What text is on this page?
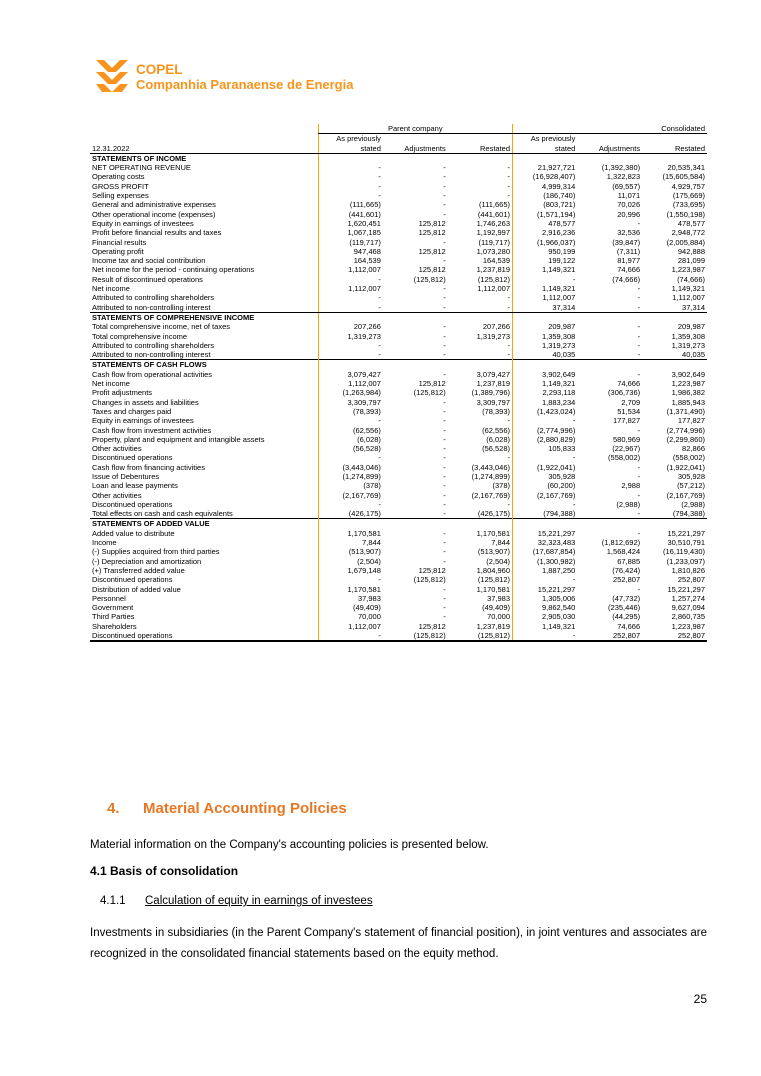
COPEL
Companhia Paranaense de Energia
	Parent company			Consolidated		
	As previously			As previously		
12.31.2022	stated	Adjustments	Restated	stated	Adjustments	Restated
STATEMENTS OF INCOME						
NET OPERATING REVENUE	-	-	-	21,927,721	(1,392,380)	20,535,341
Operating costs	-	-	-	(16,928,407)	1,322,823	(15,605,584)
GROSS PROFIT	-	-	-	4,999,314	(69,557)	4,929,757
Selling expenses	-	-	-	(186,740)	11,071	(175,669)
General and administrative expenses	(111,665)	-	(111,665)	(803,721)	70,026	(733,695)
Other operational income (expenses)	(441,601)	-	(441,601)	(1,571,194)	20,996	(1,550,198)
Equity in earnings of investees	1,620,451	125,812	1,746,263	478,577	-	478,577
Profit before financial results and taxes	1,067,185	125,812	1,192,997	2,916,236	32,536	2,948,772
Financial results	(119,717)	-	(119,717)	(1,966,037)	(39,847)	(2,005,884)
Operating profit	947,468	125,812	1,073,280	950,199	(7,311)	942,888
Income tax and social contribution	164,539	-	164,539	199,122	81,977	281,099
Net income for the period - continuing operations	1,112,007	125,812	1,237,819	1,149,321	74,666	1,223,987
Result of discontinued operations	-	(125,812)	(125,812)	-	(74,666)	(74,666)
Net income	1,112,007	-	1,112,007	1,149,321	-	1,149,321
Attributed to controlling shareholders	-	-	-	1,112,007	-	1,112,007
Attributed to non-controlling interest	-	-	-	37,314	-	37,314
STATEMENTS OF COMPREHENSIVE INCOME						
Total comprehensive income, net of taxes	207,266	-	207,266	209,987	-	209,987
Total comprehensive income	1,319,273	-	1,319,273	1,359,308	-	1,359,308
Attributed to controlling shareholders	-	-	-	1,319,273	-	1,319,273
Attributed to non-controlling interest	-	-	-	40,035	-	40,035
STATEMENTS OF CASH FLOWS						
Cash flow from operational activities	3,079,427	-	3,079,427	3,902,649	-	3,902,649
Net income	1,112,007	125,812	1,237,819	1,149,321	74,666	1,223,987
Profit adjustments	(1,263,984)	(125,812)	(1,389,796)	2,293,118	(306,736)	1,986,382
Changes in assets and liabilities	3,309,797	-	3,309,797	1,883,234	2,709	1,885,943
Taxes and charges paid	(78,393)	-	(78,393)	(1,423,024)	51,534	(1,371,490)
Equity in earnings of investees	-	-	-	-	177,827	177,827
Cash flow from investment activities	(62,556)	-	(62,556)	(2,774,996)	-	(2,774,996)
Property, plant and equipment and intangible assets	(6,028)	-	(6,028)	(2,880,829)	580,969	(2,299,860)
Other activities	(56,528)	-	(56,528)	105,833	(22,967)	82,866
Discontinued operations	-	-	-	-	(558,002)	(558,002)
Cash flow from financing activities	(3,443,046)	-	(3,443,046)	(1,922,041)	-	(1,922,041)
Issue of Debentures	(1,274,899)	-	(1,274,899)	305,928	-	305,928
Loan and lease payments	(378)	-	(378)	(60,200)	2,988	(57,212)
Other activities	(2,167,769)	-	(2,167,769)	(2,167,769)	-	(2,167,769)
Discontinued operations	-	-	-	-	(2,988)	(2,988)
Total effects on cash and cash equivalents	(426,175)	-	(426,175)	(794,388)	-	(794,388)
STATEMENTS OF ADDED VALUE						
Added value to distribute	1,170,581	-	1,170,581	15,221,297	-	15,221,297
Income	7,844	-	7,844	32,323,483	(1,812,692)	30,510,791
(-) Supplies acquired from third parties	(513,907)	-	(513,907)	(17,687,854)	1,568,424	(16,119,430)
(-) Depreciation and amortization	(2,504)	-	(2,504)	(1,300,982)	67,885	(1,233,097)
(+) Transferred added value	1,679,148	125,812	1,804,960	1,887,250	(76,424)	1,810,826
Discontinued operations	-	(125,812)	(125,812)	-	252,807	252,807
Distribution of added value	1,170,581	-	1,170,581	15,221,297	-	15,221,297
Personnel	37,983	-	37,983	1,305,006	(47,732)	1,257,274
Government	(49,409)	-	(49,409)	9,862,540	(235,446)	9,627,094
Third Parties	70,000	-	70,000	2,905,030	(44,295)	2,860,735
Shareholders	1,112,007	125,812	1,237,819	1,149,321	74,666	1,223,987
Discontinued operations	-	(125,812)	(125,812)	-	252,807	252,807
4. Material Accounting Policies
Material information on the Company's accounting policies is presented below.
4.1 Basis of consolidation
4.1.1 Calculation of equity in earnings of investees
Investments in subsidiaries (in the Parent Company's statement of financial position), in joint ventures and associates are recognized in the consolidated financial statements based on the equity method.
25
